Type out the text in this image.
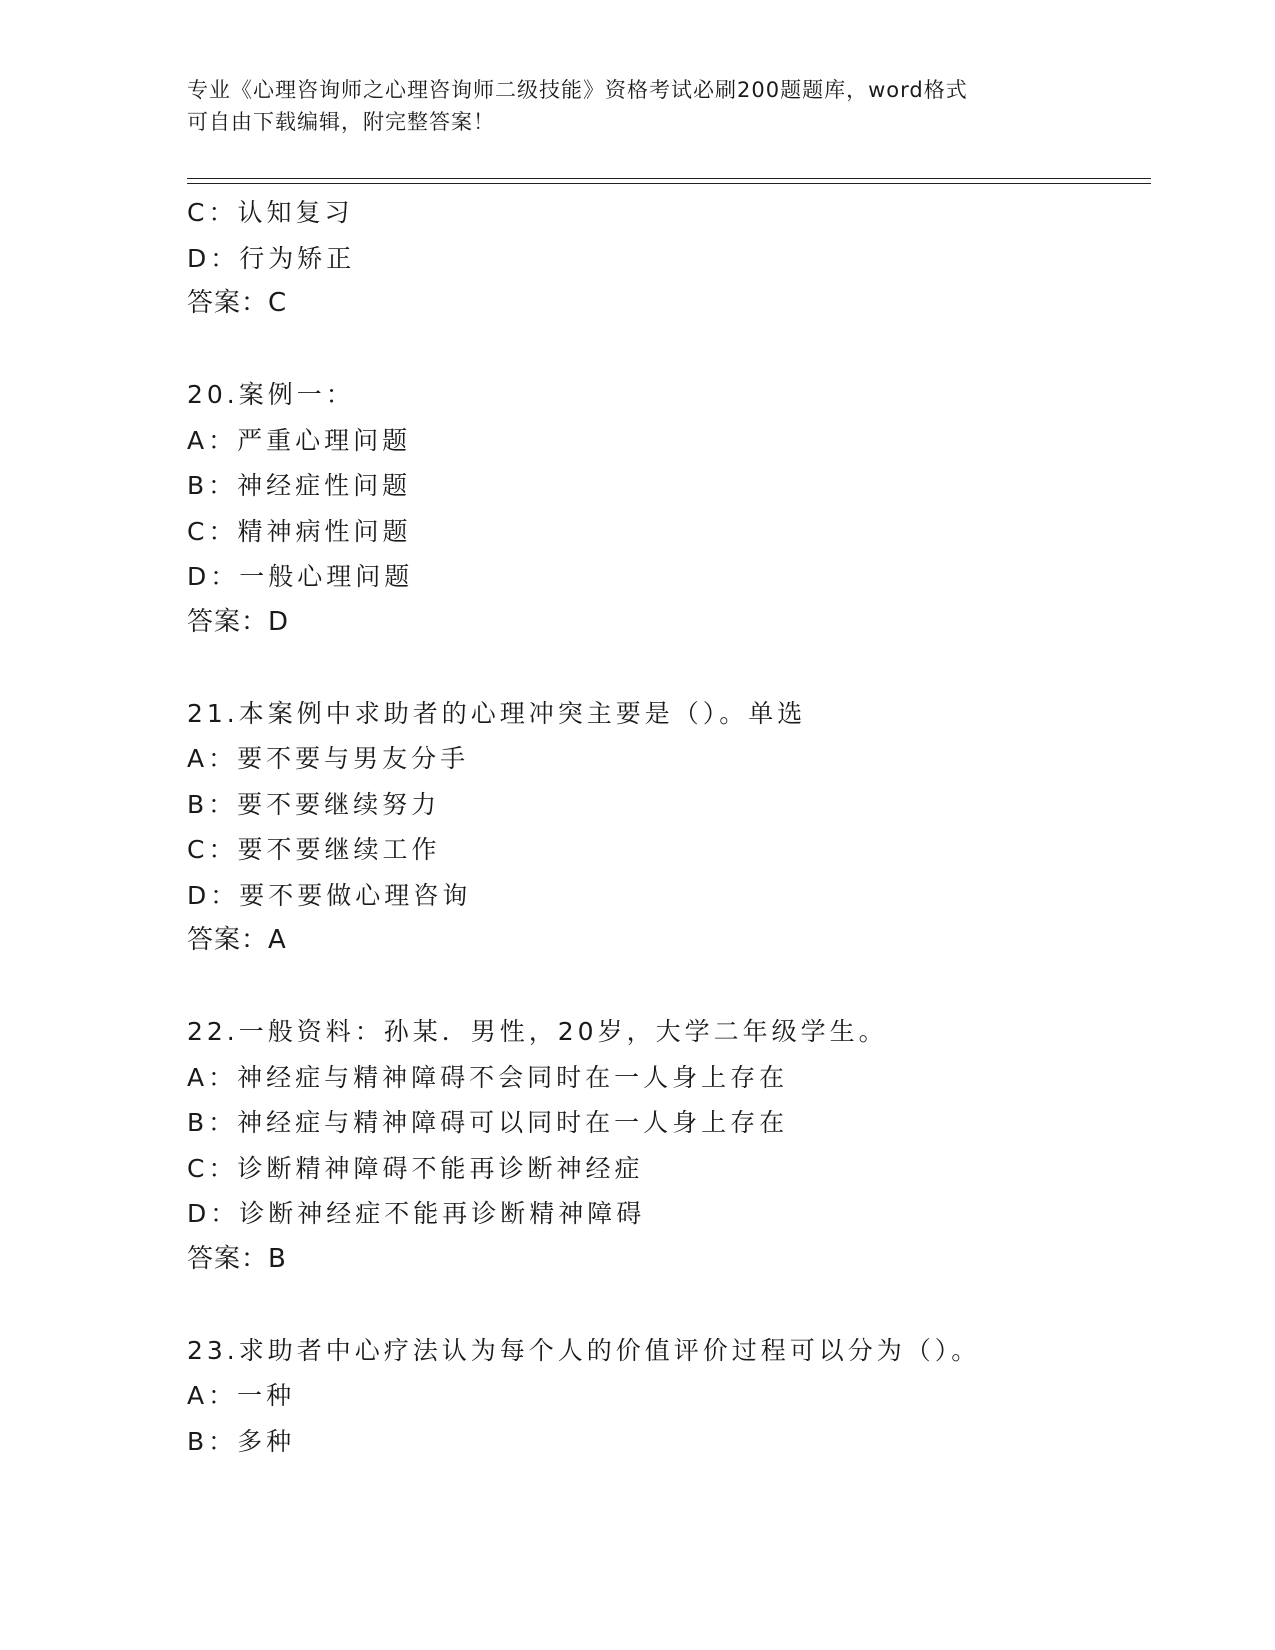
专业《心理咨询师之心理咨询师二级技能》资格考试必刷200题题库，word格式
可自由下载编辑，附完整答案！
C：认知复习
D：行为矫正
答案：C
20.案例一：
A：严重心理问题
B：神经症性问题
C：精神病性问题
D：一般心理问题
答案：D
21.本案例中求助者的心理冲突主要是（）。单选
A：要不要与男友分手
B：要不要继续努力
C：要不要继续工作
D：要不要做心理咨询
答案：A
22.一般资料：孙某．男性，20岁，大学二年级学生。
A：神经症与精神障碍不会同时在一人身上存在
B：神经症与精神障碍可以同时在一人身上存在
C：诊断精神障碍不能再诊断神经症
D：诊断神经症不能再诊断精神障碍
答案：B
23.求助者中心疗法认为每个人的价值评价过程可以分为（）。
A：一种
B：多种
